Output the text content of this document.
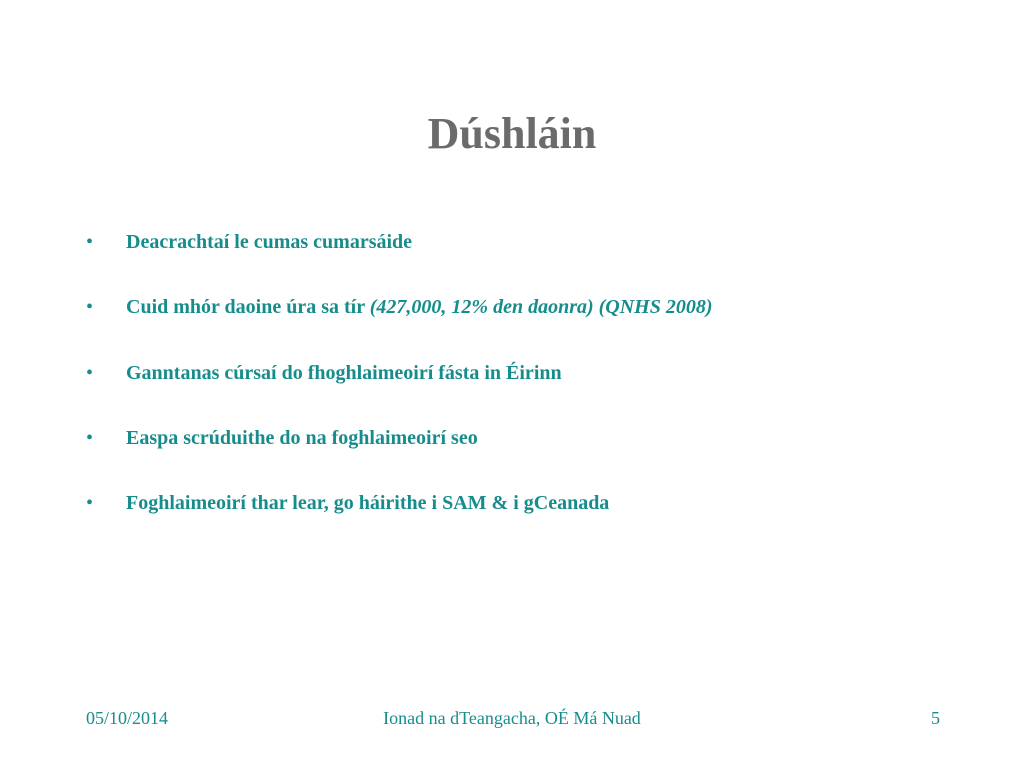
Dúshláin
• Deacrachtaí le cumas cumarsáide
• Cuid mhór daoine úra sa tír (427,000, 12% den daonra) (QNHS 2008)
• Ganntanas cúrsaí do fhoghlaimeoirí fásta in Éirinn
• Easpa scrúduithe do na foghlaimeoirí seo
• Foghlaimeoirí thar lear, go háirithe i SAM & i gCeanada
05/10/2014	Ionad na dTeangacha, OÉ Má Nuad	5
